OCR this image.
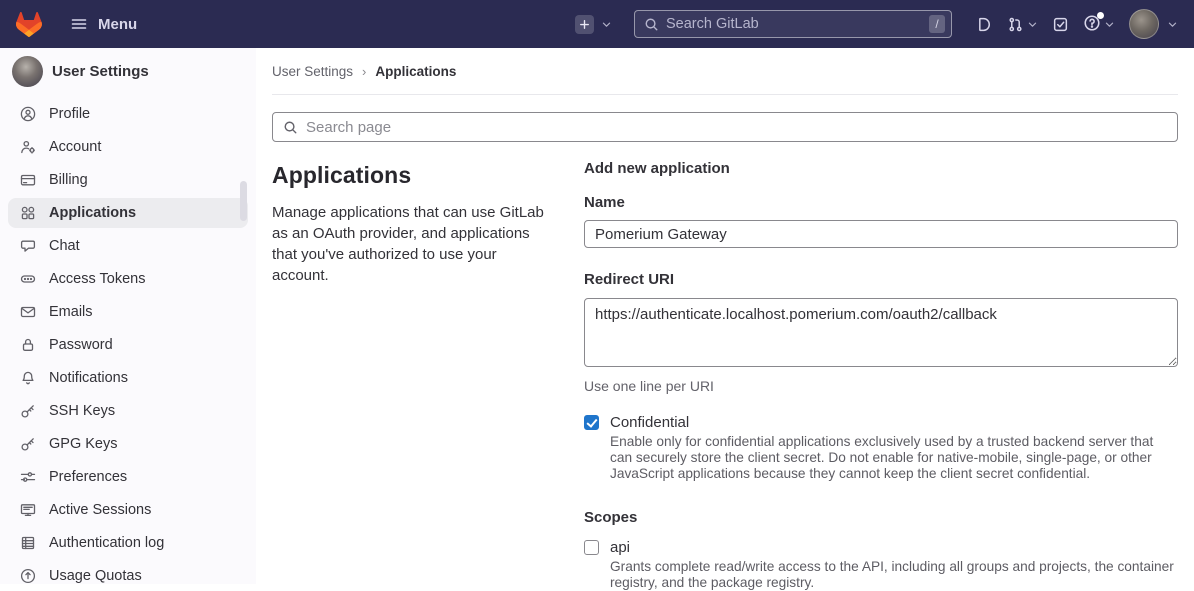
Menu
Search GitLab	/
User Settings
Profile
Account
Billing
Applications
Chat
Access Tokens
Emails
Password
Notifications
SSH Keys
GPG Keys
Preferences
Active Sessions
Authentication log
Usage Quotas
User Settings › Applications
Search page
Applications

Manage applications that can use GitLab as an OAuth provider, and applications that you've authorized to use your account.

Add new application
Name
Pomerium Gateway
Redirect URI
https://authenticate.localhost.pomerium.com/oauth2/callback
Use one line per URI
Confidential
Enable only for confidential applications exclusively used by a trusted backend server that can securely store the client secret. Do not enable for native-mobile, single-page, or other JavaScript applications because they cannot keep the client secret confidential.
Scopes
api
Grants complete read/write access to the API, including all groups and projects, the container registry, and the package registry.
